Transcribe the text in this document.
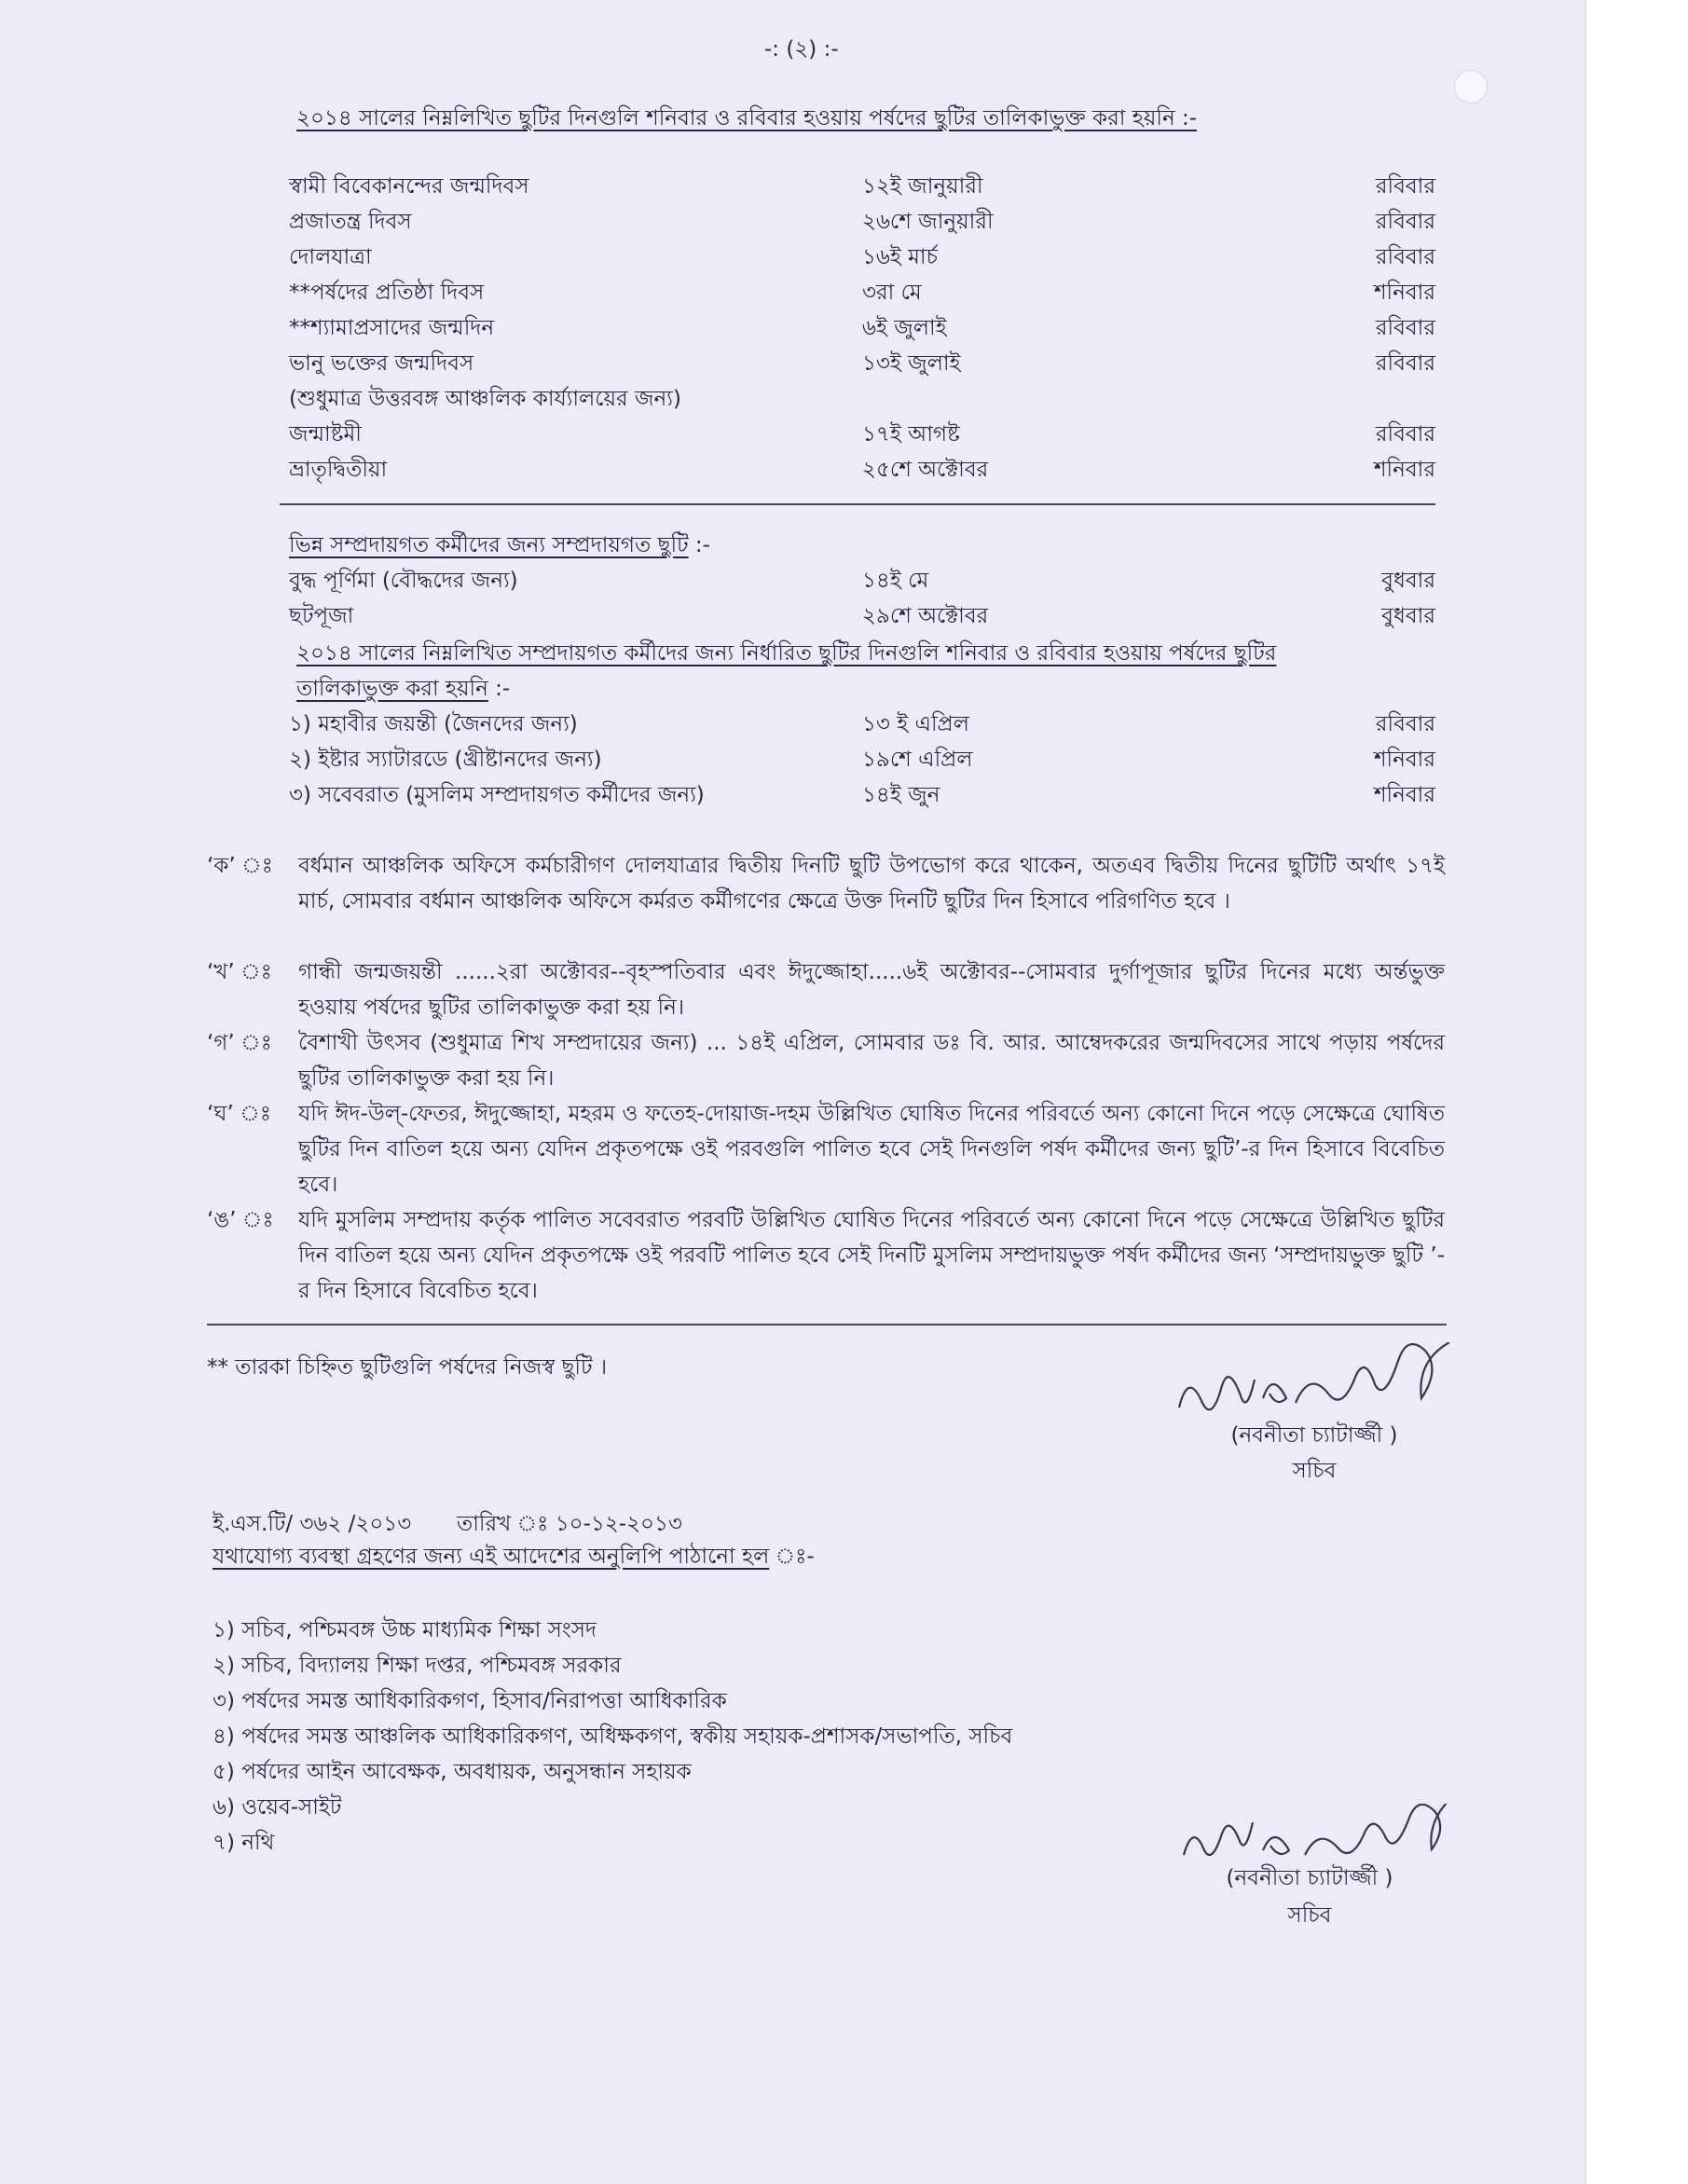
-: (২) :-
২০১৪ সালের নিম্নলিখিত ছুটির দিনগুলি শনিবার ও রবিবার হওয়ায় পর্ষদের ছুটির তালিকাভুক্ত করা হয়নি :-
স্বামী বিবেকানন্দের জন্মদিবস	১২ই জানুয়ারী	রবিবার
প্রজাতন্ত্র দিবস	২৬শে জানুয়ারী	রবিবার
দোলযাত্রা	১৬ই মার্চ	রবিবার
**পর্ষদের প্রতিষ্ঠা দিবস	৩রা মে	শনিবার
**শ্যামাপ্রসাদের জন্মদিন	৬ই জুলাই	রবিবার
ভানু ভক্তের জন্মদিবস	১৩ই জুলাই	রবিবার
(শুধুমাত্র উত্তরবঙ্গ আঞ্চলিক কার্য্যালয়ের জন্য)
জন্মাষ্টমী	১৭ই আগষ্ট	রবিবার
ভ্রাতৃদ্বিতীয়া	২৫শে অক্টোবর	শনিবার
ভিন্ন সম্প্রদায়গত কর্মীদের জন্য সম্প্রদায়গত ছুটি :-
বুদ্ধ পূর্ণিমা (বৌদ্ধদের জন্য)	১৪ই মে	বুধবার
ছটপূজা	২৯শে অক্টোবর	বুধবার
২০১৪ সালের নিম্নলিখিত সম্প্রদায়গত কর্মীদের জন্য নির্ধারিত ছুটির দিনগুলি শনিবার ও রবিবার হওয়ায় পর্ষদের ছুটির
তালিকাভুক্ত করা হয়নি :-
১) মহাবীর জয়ন্তী (জৈনদের জন্য)	১৩ ই এপ্রিল	রবিবার
২) ইষ্টার স্যাটারডে (খ্রীষ্টানদের জন্য)	১৯শে এপ্রিল	শনিবার
৩) সবেবরাত (মুসলিম সম্প্রদায়গত কর্মীদের জন্য)	১৪ই জুন	শনিবার
‘ক’ ঃ বর্ধমান আঞ্চলিক অফিসে কর্মচারীগণ দোলযাত্রার দ্বিতীয় দিনটি ছুটি উপভোগ করে থাকেন, অতএব দ্বিতীয় দিনের ছুটিটি অর্থাৎ ১৭ই মার্চ, সোমবার বর্ধমান আঞ্চলিক অফিসে কর্মরত কর্মীগণের ক্ষেত্রে উক্ত দিনটি ছুটির দিন হিসাবে পরিগণিত হবে ।
‘খ’ ঃ গান্ধী জন্মজয়ন্তী ......২রা অক্টোবর--বৃহস্পতিবার এবং ঈদুজ্জোহা.....৬ই অক্টোবর--সোমবার দুর্গাপূজার ছুটির দিনের মধ্যে অর্ন্তভুক্ত হওয়ায় পর্ষদের ছুটির তালিকাভুক্ত করা হয় নি।
‘গ’ ঃ বৈশাখী উৎসব (শুধুমাত্র শিখ সম্প্রদায়ের জন্য) ... ১৪ই এপ্রিল, সোমবার ডঃ বি. আর. আম্বেদকরের জন্মদিবসের সাথে পড়ায় পর্ষদের ছুটির তালিকাভুক্ত করা হয় নি।
‘ঘ’ ঃ যদি ঈদ-উল্-ফেতর, ঈদুজ্জোহা, মহরম ও ফতেহ-দোয়াজ-দহম উল্লিখিত ঘোষিত দিনের পরিবর্তে অন্য কোনো দিনে পড়ে সেক্ষেত্রে ঘোষিত ছুটির দিন বাতিল হয়ে অন্য যেদিন প্রকৃতপক্ষে ওই পরবগুলি পালিত হবে সেই দিনগুলি পর্ষদ কর্মীদের জন্য ছুটি’-র দিন হিসাবে বিবেচিত হবে।
‘ঙ’ ঃ যদি মুসলিম সম্প্রদায় কর্তৃক পালিত সবেবরাত পরবটি উল্লিখিত ঘোষিত দিনের পরিবর্তে অন্য কোনো দিনে পড়ে সেক্ষেত্রে উল্লিখিত ছুটির দিন বাতিল হয়ে অন্য যেদিন প্রকৃতপক্ষে ওই পরবটি পালিত হবে সেই দিনটি মুসলিম সম্প্রদায়ভুক্ত পর্ষদ কর্মীদের জন্য ‘সম্প্রদায়ভুক্ত ছুটি ’-র দিন হিসাবে বিবেচিত হবে।
** তারকা চিহ্নিত ছুটিগুলি পর্ষদের নিজস্ব ছুটি ।
(নবনীতা চ্যাটার্জ্জী )
সচিব
ই.এস.টি/ ৩৬২ /২০১৩ তারিখ ঃ ১০-১২-২০১৩
যথাযোগ্য ব্যবস্থা গ্রহণের জন্য এই আদেশের অনুলিপি পাঠানো হল ঃ-
১) সচিব, পশ্চিমবঙ্গ উচ্চ মাধ্যমিক শিক্ষা সংসদ
২) সচিব, বিদ্যালয় শিক্ষা দপ্তর, পশ্চিমবঙ্গ সরকার
৩) পর্ষদের সমস্ত আধিকারিকগণ, হিসাব/নিরাপত্তা আধিকারিক
৪) পর্ষদের সমস্ত আঞ্চলিক আধিকারিকগণ, অধিক্ষকগণ, স্বকীয় সহায়ক-প্রশাসক/সভাপতি, সচিব
৫) পর্ষদের আইন আবেক্ষক, অবধায়ক, অনুসন্ধান সহায়ক
৬) ওয়েব-সাইট
৭) নথি
(নবনীতা চ্যাটার্জ্জী )
সচিব
